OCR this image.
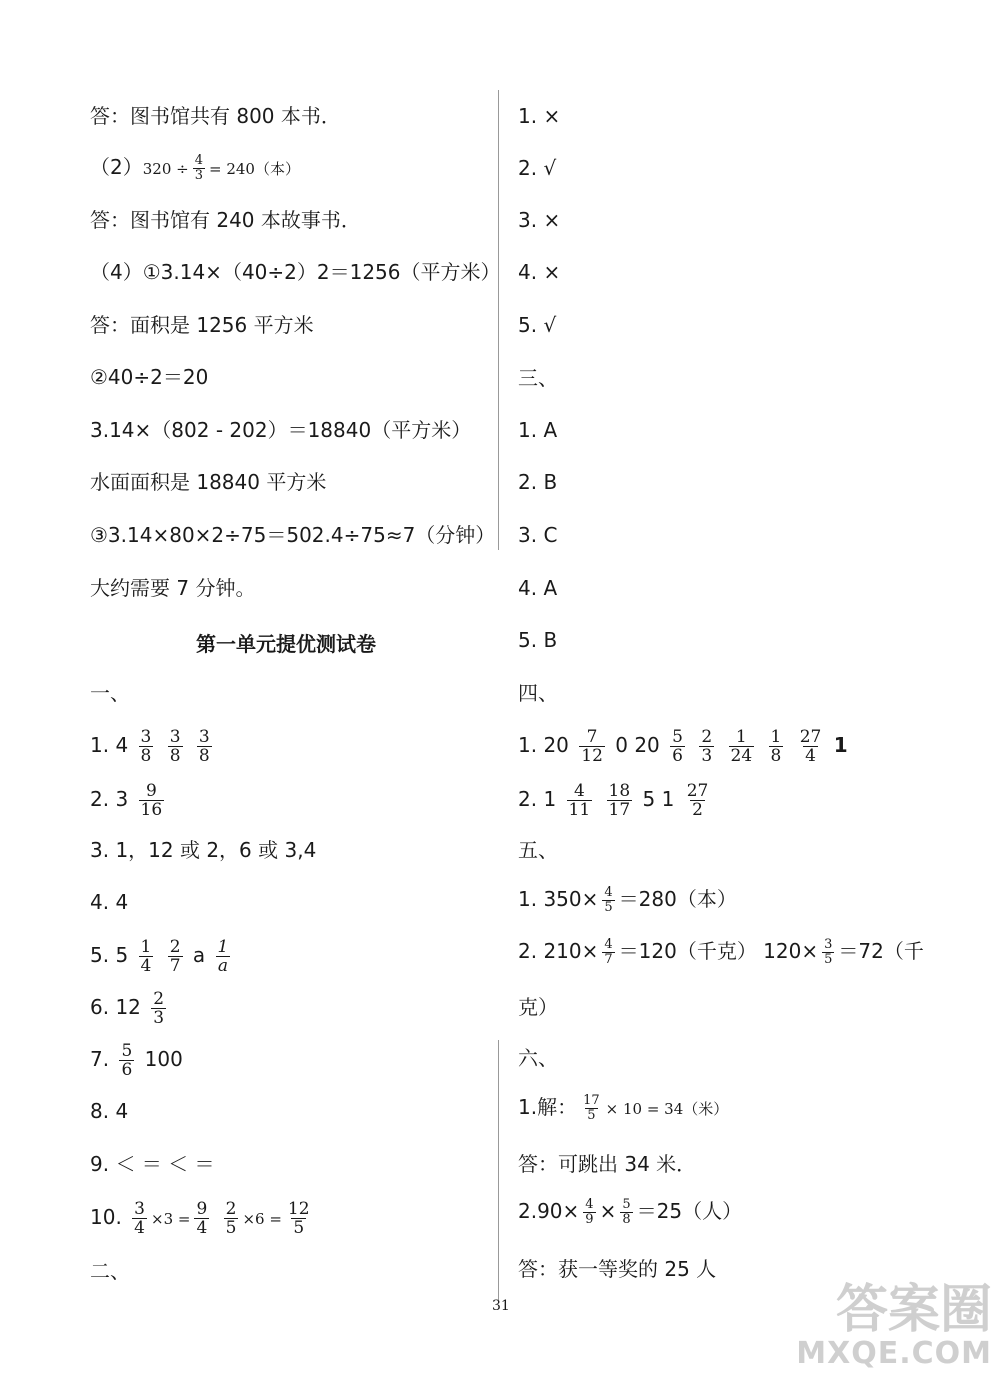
答：图书馆共有 800 本书．
$(2)320 \div \frac{4}{3} = 240$（本）
答：图书馆有 240 本故事书．
（4）①3.14×（40÷2）2＝1256（平方米）
答：面积是 1256 平方米
②40÷2＝20
3.14×（802 - 202）＝18840（平方米）
水面面积是 18840 平方米
③3.14×80×2÷75＝502.4÷75≈7（分钟）
大约需要 7 分钟。
第一单元提优测试卷
一、
1. $4 \frac{3}{8}$
$\frac{3}{8}$
$\frac{3}{8}$
2. $3 \frac{9}{16}$
3. 1，12 或 2，6 或 3,4
4. 4
5. $5 \frac{1}{4}$
$\frac{2}{7}$ a $\frac{1}{a}$
6. $12 \frac{2}{3}$
7. $\frac{5}{6} 100$
8. 4
9. ＜ ＝ ＜ ＝
10. $\frac{3}{4} \times 3 = \frac{9}{4}$
$\frac{2}{5} \times 6 = \frac{12}{5}$
二、
1. ×
2. √
3. ×
4. ×
5. √
三、
1. A
2. B
3. C
4. A
5. B
四、
1. $20 \frac{7}{12} 0$ $20 \frac{5}{6}$
$\frac{2}{3}$
$\frac{1}{24}$
$\frac{1}{8}$
$\frac{27}{4} 1$
2. $1 \frac{4}{11}$
$\frac{18}{17} 5$ $1 \frac{27}{2}$
五、
1. $350\times \frac{4}{5} =280$（本）
2. $210\times \frac{4}{7} =120$（千克） $120\times \frac{3}{5} =72$（千
克）
六、
1.解： $\frac{17}{5} \times 10 = 34$（米）
答：可跳出 34 米．
$2.90\times \frac{4}{9} \times \frac{5}{8} =25$（人）
答：获一等奖的 25 人
31	答案圈
MXQE.COM
